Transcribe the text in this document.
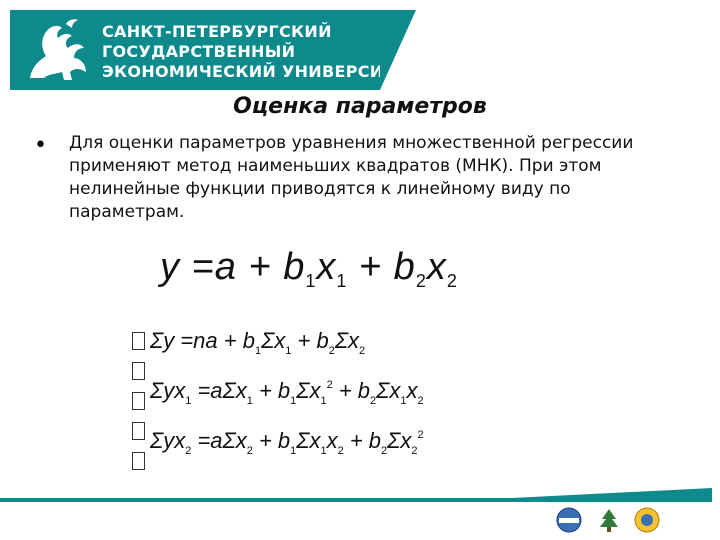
САНКТ-ПЕТЕРБУРГСКИЙ
ГОСУДАРСТВЕННЫЙ
ЭКОНОМИЧЕСКИЙ УНИВЕРСИТЕТ
Оценка параметров
• Для оценки параметров уравнения множественной регрессии применяют метод наименьших квадратов (МНК). При этом нелинейные функции приводятся к линейному виду по параметрам.
$y =a + b_1x_1 + b_2x_2$
$\Sigma y =na + b_1\Sigma x_1 + b_2\Sigma x_2$
$\Sigma yx_1 =a\Sigma x_1 + b_1\Sigma x_1^2 + b_2\Sigma x_1x_2$
$\Sigma yx_2 =a\Sigma x_2 + b_1\Sigma x_1x_2 + b_2\Sigma x_2^2$
